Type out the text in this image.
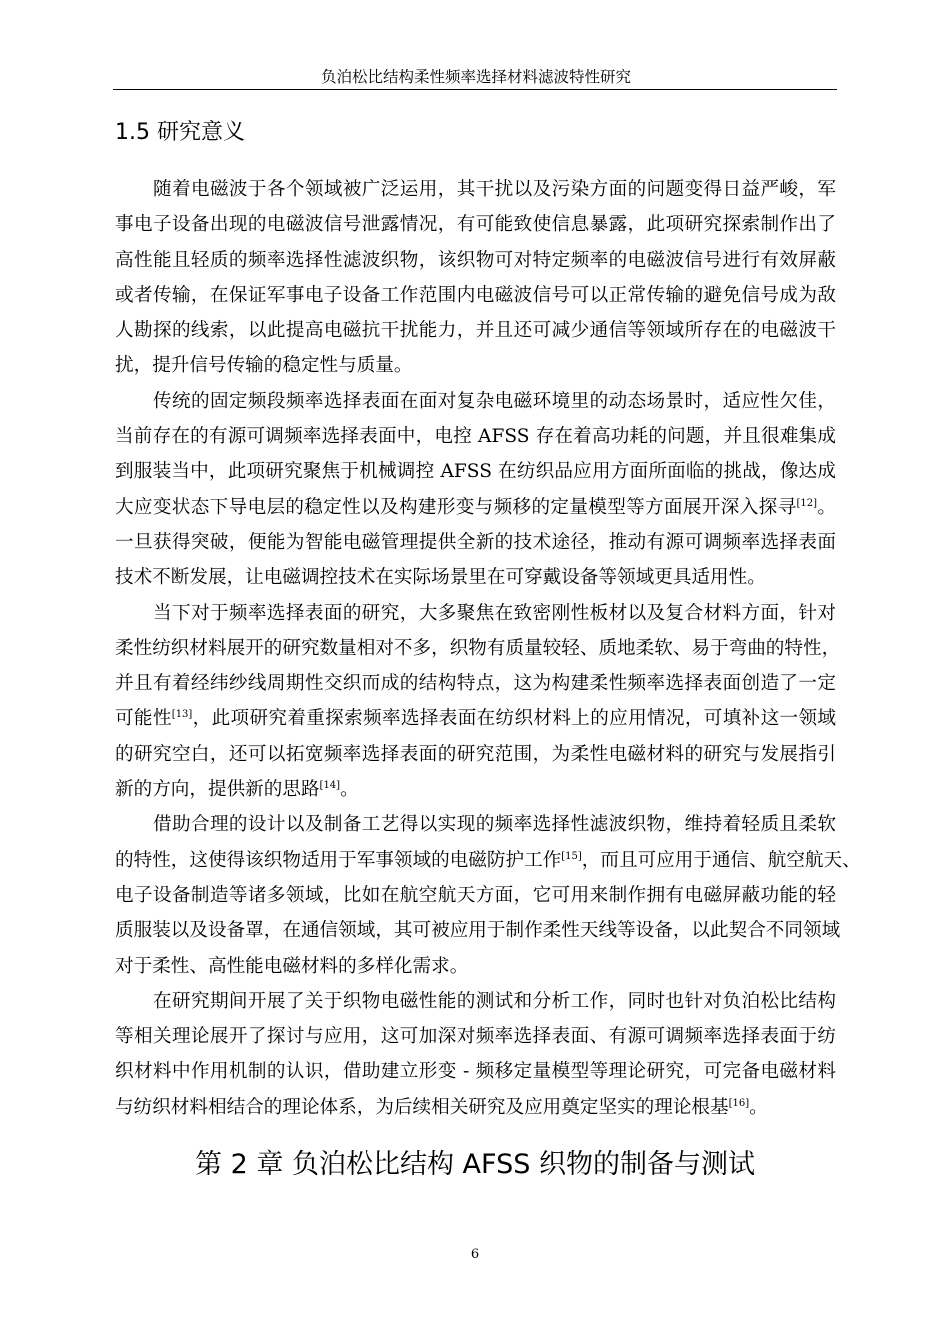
负泊松比结构柔性频率选择材料滤波特性研究
1.5 研究意义
随着电磁波于各个领域被广泛运用，其干扰以及污染方面的问题变得日益严峻，军
事电子设备出现的电磁波信号泄露情况，有可能致使信息暴露，此项研究探索制作出了
高性能且轻质的频率选择性滤波织物，该织物可对特定频率的电磁波信号进行有效屏蔽
或者传输，在保证军事电子设备工作范围内电磁波信号可以正常传输的避免信号成为敌
人勘探的线索，以此提高电磁抗干扰能力，并且还可减少通信等领域所存在的电磁波干
扰，提升信号传输的稳定性与质量。
传统的固定频段频率选择表面在面对复杂电磁环境里的动态场景时，适应性欠佳，
当前存在的有源可调频率选择表面中，电控 AFSS 存在着高功耗的问题，并且很难集成
到服装当中，此项研究聚焦于机械调控 AFSS 在纺织品应用方面所面临的挑战，像达成
大应变状态下导电层的稳定性以及构建形变与频移的定量模型等方面展开深入探寻[12]。
一旦获得突破，便能为智能电磁管理提供全新的技术途径，推动有源可调频率选择表面
技术不断发展，让电磁调控技术在实际场景里在可穿戴设备等领域更具适用性。
当下对于频率选择表面的研究，大多聚焦在致密刚性板材以及复合材料方面，针对
柔性纺织材料展开的研究数量相对不多，织物有质量较轻、质地柔软、易于弯曲的特性，
并且有着经纬纱线周期性交织而成的结构特点，这为构建柔性频率选择表面创造了一定
可能性[13]，此项研究着重探索频率选择表面在纺织材料上的应用情况，可填补这一领域
的研究空白，还可以拓宽频率选择表面的研究范围，为柔性电磁材料的研究与发展指引
新的方向，提供新的思路[14]。
借助合理的设计以及制备工艺得以实现的频率选择性滤波织物，维持着轻质且柔软
的特性，这使得该织物适用于军事领域的电磁防护工作[15]，而且可应用于通信、航空航天、
电子设备制造等诸多领域，比如在航空航天方面，它可用来制作拥有电磁屏蔽功能的轻
质服装以及设备罩，在通信领域，其可被应用于制作柔性天线等设备，以此契合不同领域
对于柔性、高性能电磁材料的多样化需求。
在研究期间开展了关于织物电磁性能的测试和分析工作，同时也针对负泊松比结构
等相关理论展开了探讨与应用，这可加深对频率选择表面、有源可调频率选择表面于纺
织材料中作用机制的认识，借助建立形变 - 频移定量模型等理论研究，可完备电磁材料
与纺织材料相结合的理论体系，为后续相关研究及应用奠定坚实的理论根基[16]。
第 2 章 负泊松比结构 AFSS 织物的制备与测试
6
